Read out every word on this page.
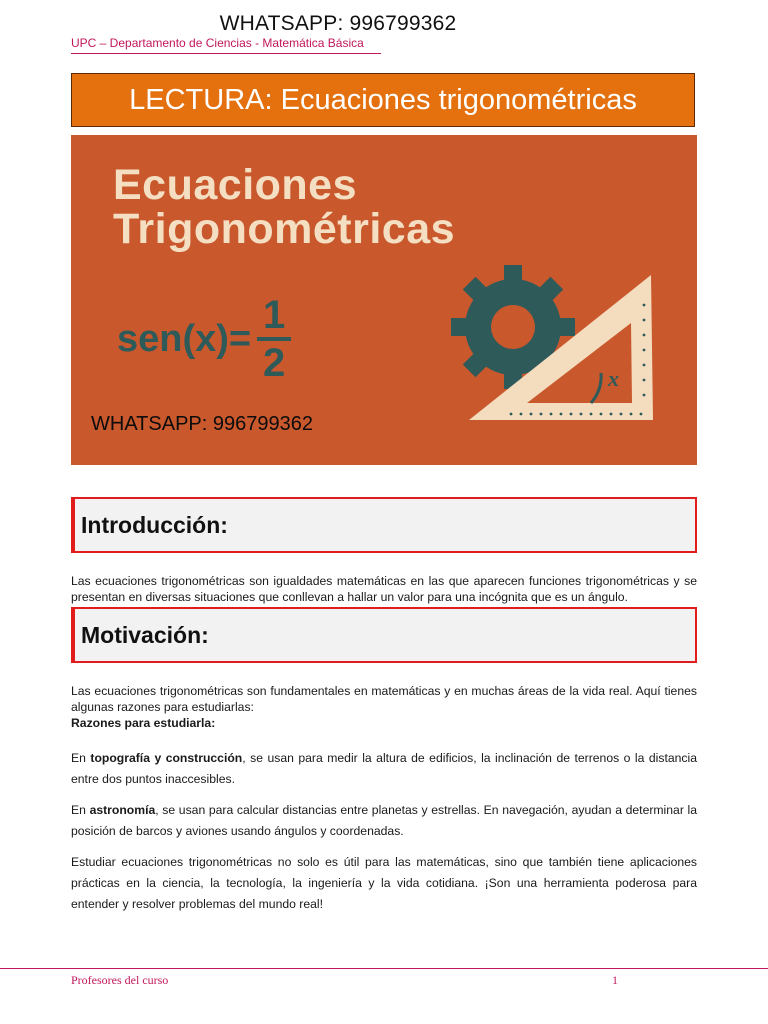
WHATSAPP: 996799362
UPC – Departamento de Ciencias - Matemática Básica
LECTURA: Ecuaciones trigonométricas
Ecuaciones
Trigonométricas
$sen(x)= \frac{1}{2}$	x
WHATSAPP: 996799362
Introducción:
Las ecuaciones trigonométricas son igualdades matemáticas en las que aparecen funciones trigonométricas y se presentan en diversas situaciones que conllevan a hallar un valor para una incógnita que es un ángulo.
Motivación:
Las ecuaciones trigonométricas son fundamentales en matemáticas y en muchas áreas de la vida real. Aquí tienes algunas razones para estudiarlas:
Razones para estudiarla:
En topografía y construcción, se usan para medir la altura de edificios, la inclinación de terrenos o la distancia entre dos puntos inaccesibles.
En astronomía, se usan para calcular distancias entre planetas y estrellas. En navegación, ayudan a determinar la posición de barcos y aviones usando ángulos y coordenadas.
Estudiar ecuaciones trigonométricas no solo es útil para las matemáticas, sino que también tiene aplicaciones prácticas en la ciencia, la tecnología, la ingeniería y la vida cotidiana. ¡Son una herramienta poderosa para entender y resolver problemas del mundo real!
Profesores del curso	1
